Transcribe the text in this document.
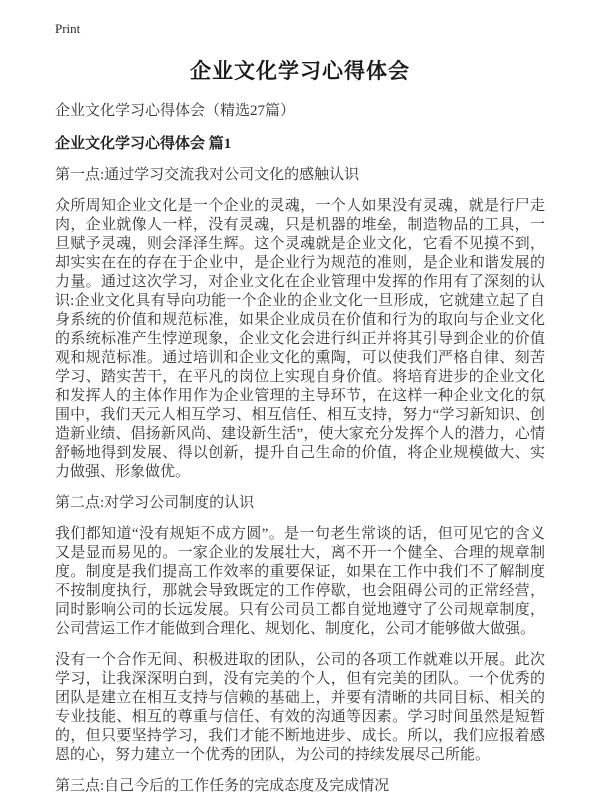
Print
企业文化学习心得体会
企业文化学习心得体会（精选27篇）
企业文化学习心得体会 篇1

第一点:通过学习交流我对公司文化的感触认识

众所周知企业文化是一个企业的灵魂，一个人如果没有灵魂，就是行尸走肉，企业就像人一样，没有灵魂，只是机器的堆垒，制造物品的工具，一旦赋予灵魂，则会泽泽生辉。这个灵魂就是企业文化，它看不见摸不到，却实实在在的存在于企业中，是企业行为规范的准则，是企业和谐发展的力量。通过这次学习，对企业文化在企业管理中发挥的作用有了深刻的认识:企业文化具有导向功能一个企业的企业文化一旦形成，它就建立起了自身系统的价值和规范标准，如果企业成员在价值和行为的取向与企业文化的系统标准产生悖逆现象，企业文化会进行纠正并将其引导到企业的价值观和规范标准。通过培训和企业文化的熏陶，可以使我们严格自律、刻苦学习、踏实苦干，在平凡的岗位上实现自身价值。将培育进步的企业文化和发挥人的主体作用作为企业管理的主导环节，在这样一种企业文化的氛围中，我们天元人相互学习、相互信任、相互支持，努力“学习新知识、创造新业绩、倡扬新风尚、建设新生活”，使大家充分发挥个人的潜力，心情舒畅地得到发展、得以创新，提升自己生命的价值，将企业规模做大、实力做强、形象做优。

第二点:对学习公司制度的认识

我们都知道“没有规矩不成方圆”。是一句老生常谈的话，但可见它的含义又是显而易见的。一家企业的发展壮大，离不开一个健全、合理的规章制度。制度是我们提高工作效率的重要保证，如果在工作中我们不了解制度不按制度执行，那就会导致既定的工作停歇，也会阻碍公司的正常经营，同时影响公司的长远发展。只有公司员工都自觉地遵守了公司规章制度，公司营运工作才能做到合理化、规划化、制度化，公司才能够做大做强。

没有一个合作无间、积极进取的团队，公司的各项工作就难以开展。此次学习，让我深深明白到，没有完美的个人，但有完美的团队。一个优秀的团队是建立在相互支持与信赖的基础上，并要有清晰的共同目标、相关的专业技能、相互的尊重与信任、有效的沟通等因素。学习时间虽然是短暂的，但只要坚持学习，我们才能不断地进步、成长。所以，我们应报着感恩的心，努力建立一个优秀的团队，为公司的持续发展尽己所能。

第三点:自己今后的工作任务的完成态度及完成情况
